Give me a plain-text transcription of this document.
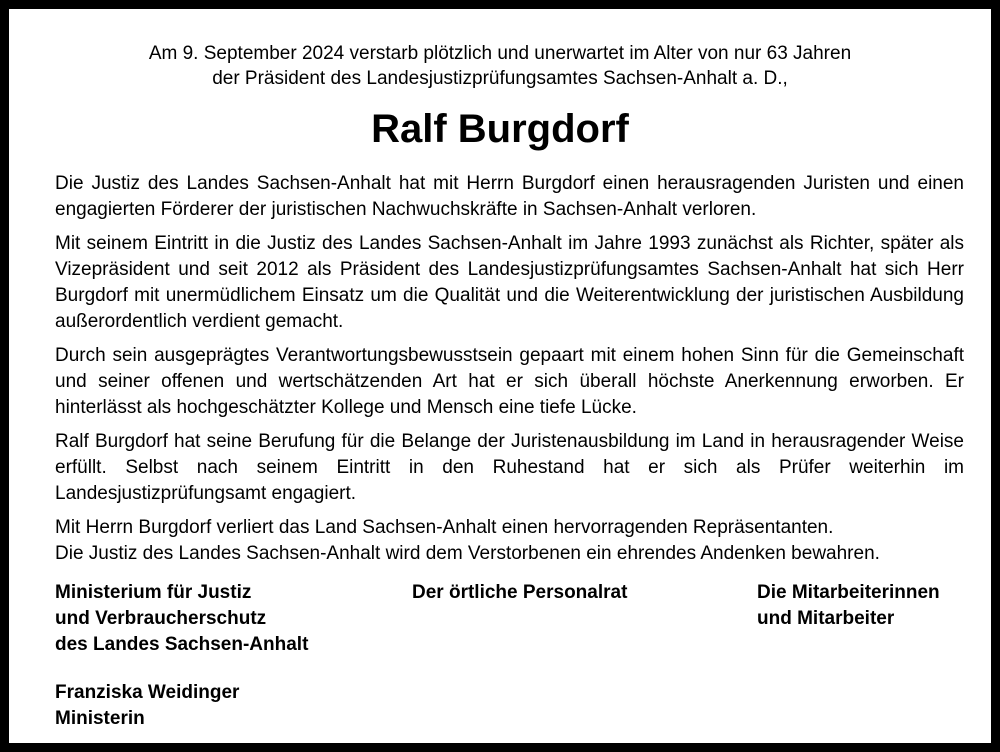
Am 9. September 2024 verstarb plötzlich und unerwartet im Alter von nur 63 Jahren
der Präsident des Landesjustizprüfungsamtes Sachsen-Anhalt a. D.,
Ralf Burgdorf

Die Justiz des Landes Sachsen-Anhalt hat mit Herrn Burgdorf einen herausragenden Juristen und einen engagierten Förderer der juristischen Nachwuchskräfte in Sachsen-Anhalt verloren.

Mit seinem Eintritt in die Justiz des Landes Sachsen-Anhalt im Jahre 1993 zunächst als Richter, später als Vizepräsident und seit 2012 als Präsident des Landesjustizprüfungsamtes Sachsen-Anhalt hat sich Herr Burgdorf mit unermüdlichem Einsatz um die Qualität und die Weiterentwicklung der juristischen Ausbildung außerordentlich verdient gemacht.

Durch sein ausgeprägtes Verantwortungsbewusstsein gepaart mit einem hohen Sinn für die Gemeinschaft und seiner offenen und wertschätzenden Art hat er sich überall höchste Anerkennung erworben. Er hinterlässt als hochgeschätzter Kollege und Mensch eine tiefe Lücke.

Ralf Burgdorf hat seine Berufung für die Belange der Juristenausbildung im Land in herausragender Weise erfüllt. Selbst nach seinem Eintritt in den Ruhestand hat er sich als Prüfer weiterhin im Landesjustizprüfungsamt engagiert.

Mit Herrn Burgdorf verliert das Land Sachsen-Anhalt einen hervorragenden Repräsentanten.
Die Justiz des Landes Sachsen-Anhalt wird dem Verstorbenen ein ehrendes Andenken bewahren.

Ministerium für Justiz
und Verbraucherschutz
des Landes Sachsen-Anhalt
Der örtliche Personalrat	Die Mitarbeiterinnen
und Mitarbeiter
Franziska Weidinger
Ministerin
